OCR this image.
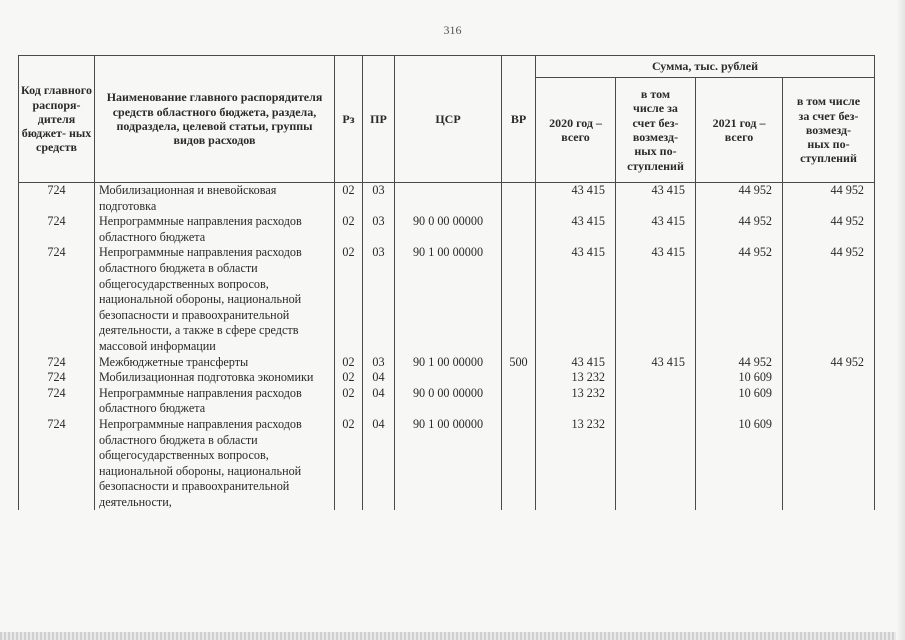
316
Код главного распоря- дителя бюджет- ных средств	Наименование главного распорядителя средств областного бюджета, раздела, подраздела, целевой статьи, группы видов расходов	Рз	ПР	ЦСР	ВР	Сумма, тыс. рублей			
						2020 год – всего	в том числе за счет без- возмезд- ных по- ступлений	2021 год – всего	в том числе за счет без- возмезд- ных по- ступлений
724	Мобилизационная и вневойсковая подготовка	02	03			43 415	43 415	44 952	44 952
724	Непрограммные направления расходов областного бюджета	02	03	90 0 00 00000		43 415	43 415	44 952	44 952
724	Непрограммные направления расходов областного бюджета в области общегосударственных вопросов, национальной обороны, национальной безопасности и правоохранительной деятельности, а также в сфере средств массовой информации	02	03	90 1 00 00000		43 415	43 415	44 952	44 952
724	Межбюджетные трансферты	02	03	90 1 00 00000	500	43 415	43 415	44 952	44 952
724	Мобилизационная подготовка экономики	02	04			13 232		10 609	
724	Непрограммные направления расходов областного бюджета	02	04	90 0 00 00000		13 232		10 609	
724	Непрограммные направления расходов областного бюджета в области общегосударственных вопросов, национальной обороны, национальной безопасности и правоохранительной деятельности,	02	04	90 1 00 00000		13 232		10 609	
